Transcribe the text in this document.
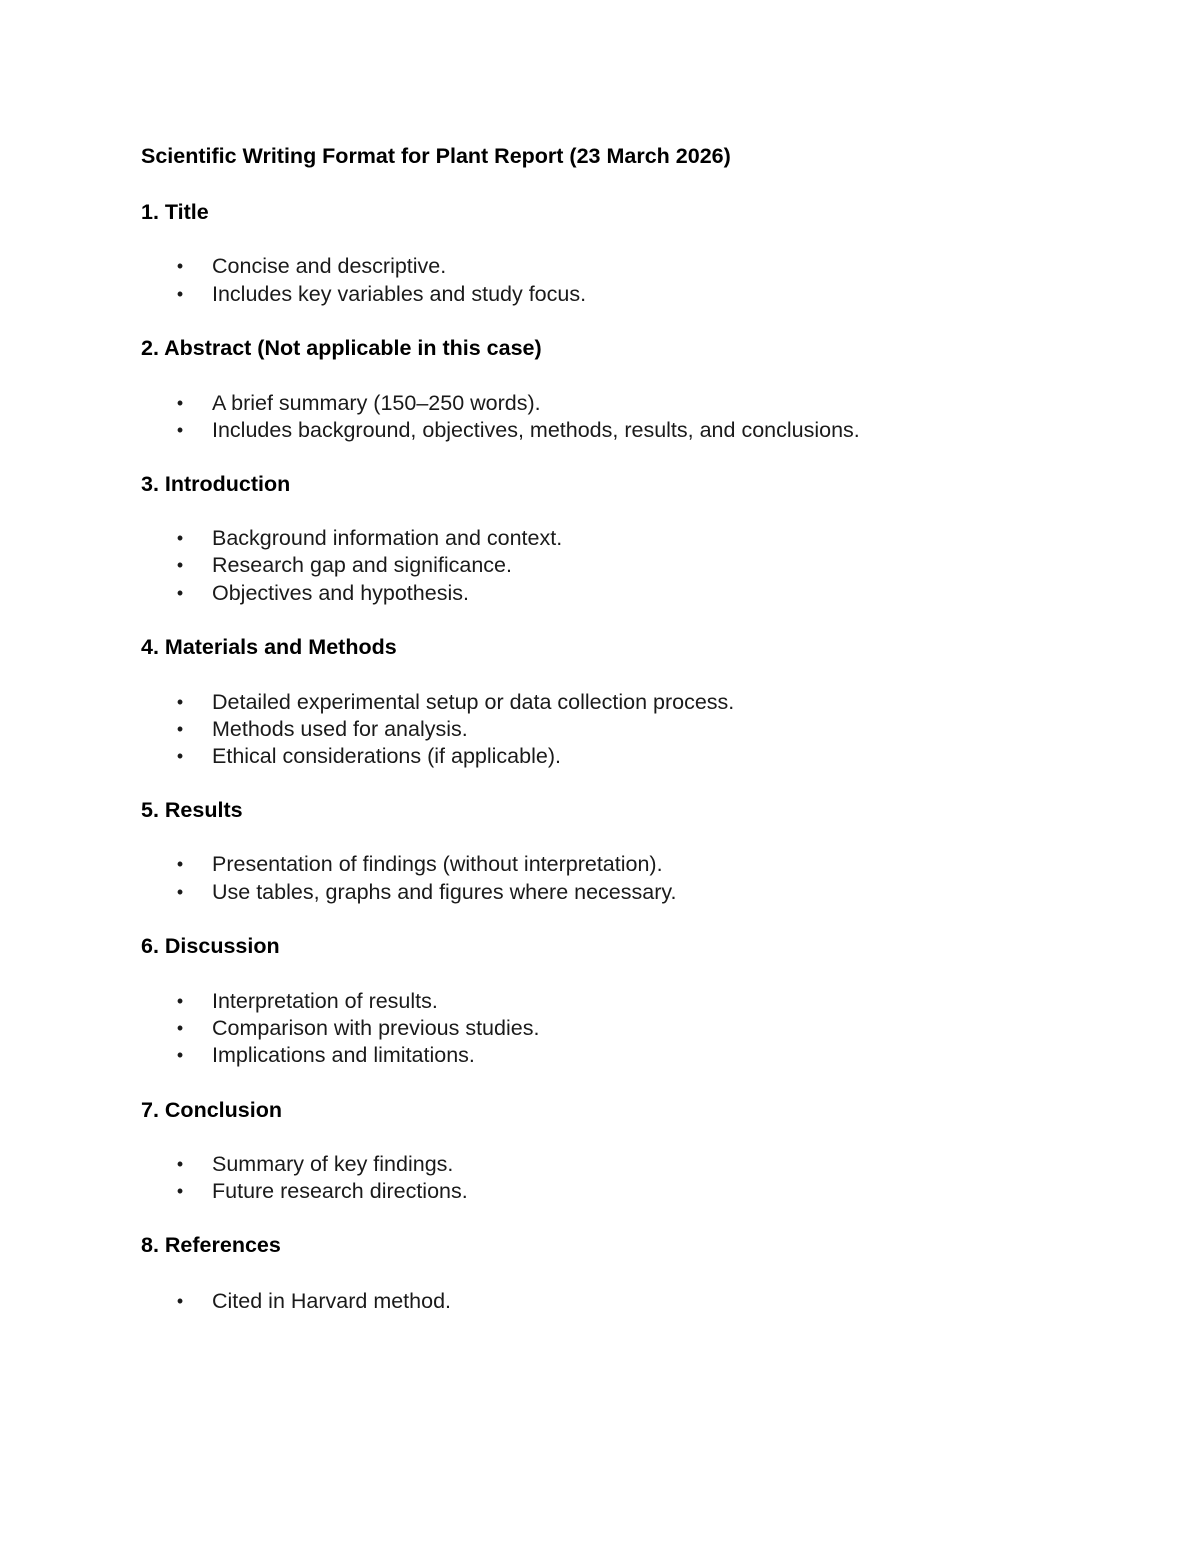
Scientific Writing Format for Plant Report (23 March 2026)
1. Title
• Concise and descriptive.
• Includes key variables and study focus.
2. Abstract (Not applicable in this case)
• A brief summary (150–250 words).
• Includes background, objectives, methods, results, and conclusions.
3. Introduction
• Background information and context.
• Research gap and significance.
• Objectives and hypothesis.
4. Materials and Methods
• Detailed experimental setup or data collection process.
• Methods used for analysis.
• Ethical considerations (if applicable).
5. Results
• Presentation of findings (without interpretation).
• Use tables, graphs and figures where necessary.
6. Discussion
• Interpretation of results.
• Comparison with previous studies.
• Implications and limitations.
7. Conclusion
• Summary of key findings.
• Future research directions.
8. References
• Cited in Harvard method.
